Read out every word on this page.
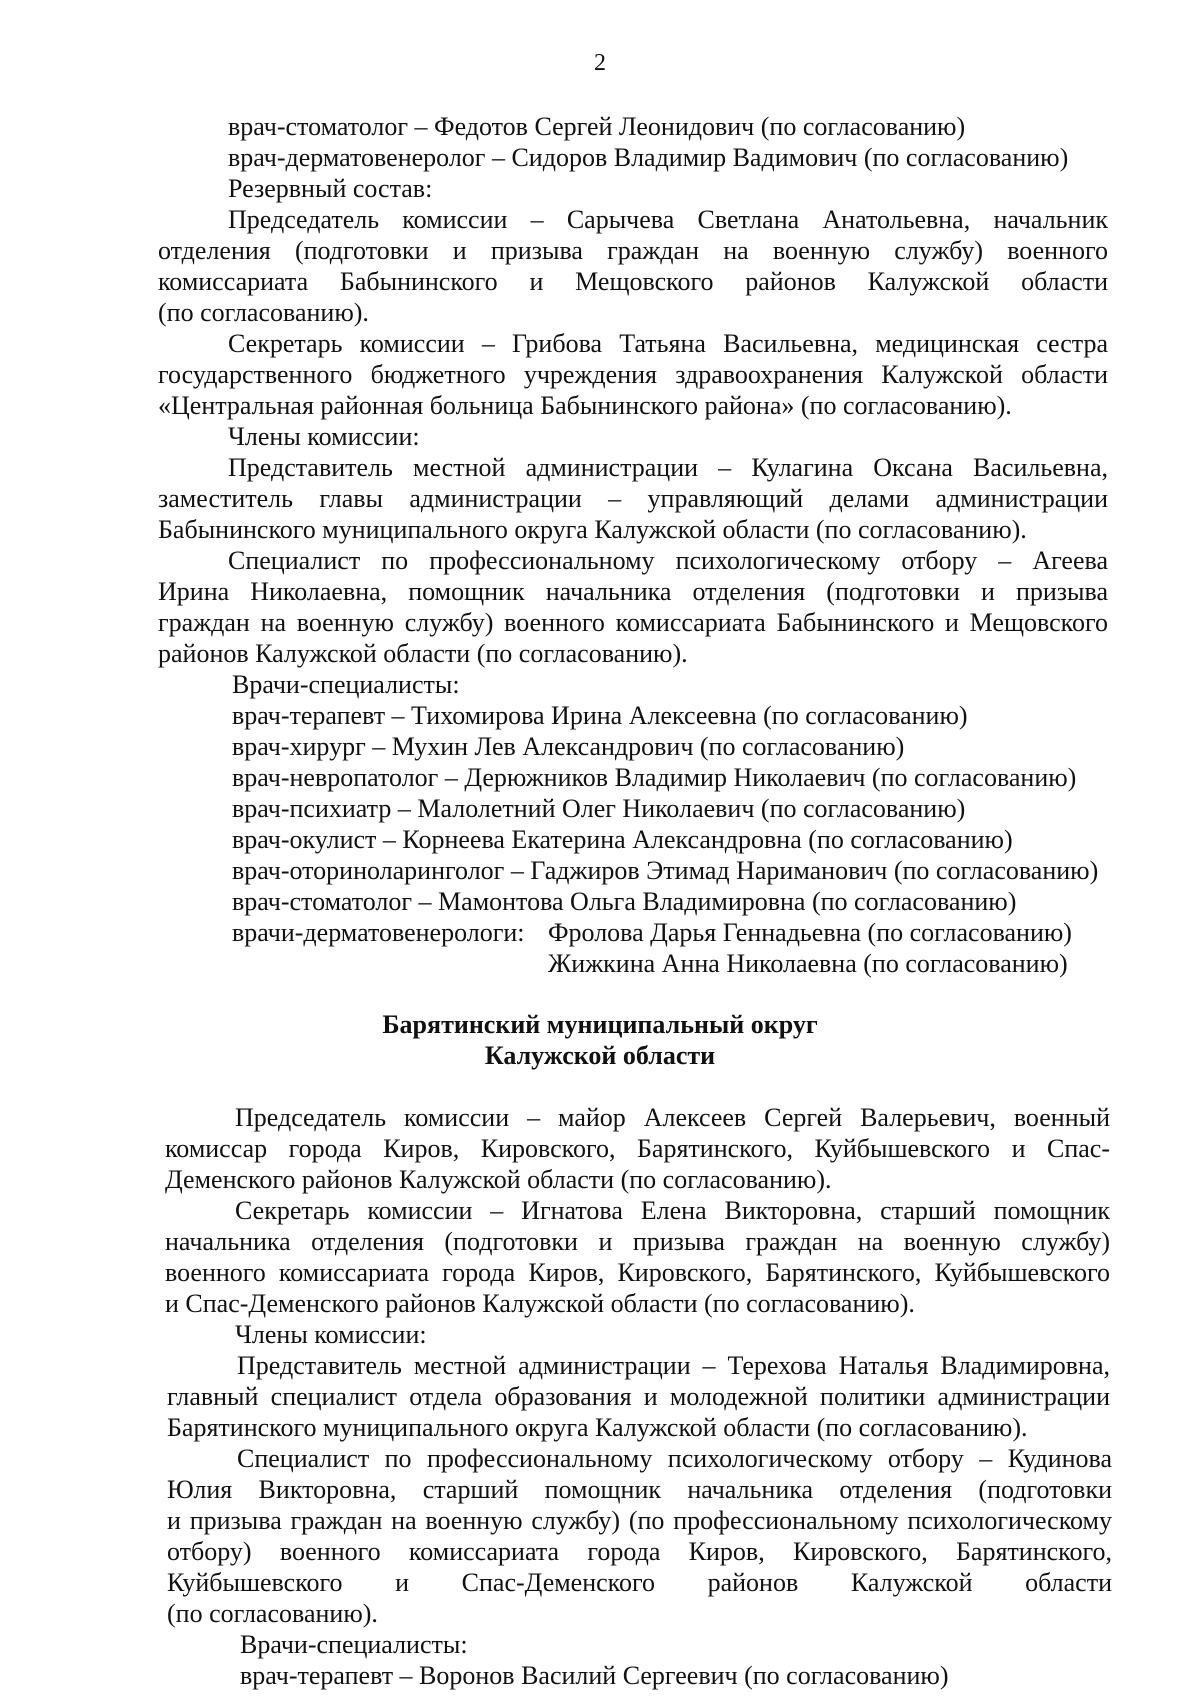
2
врач-стоматолог – Федотов Сергей Леонидович (по согласованию)
врач-дерматовенеролог – Сидоров Владимир Вадимович (по согласованию)
Резервный состав:
Председатель комиссии – Сарычева Светлана Анатольевна, начальник
отделения (подготовки и призыва граждан на военную службу) военного
комиссариата Бабынинского и Мещовского районов Калужской области
(по согласованию).
Секретарь комиссии – Грибова Татьяна Васильевна, медицинская сестра
государственного бюджетного учреждения здравоохранения Калужской области
«Центральная районная больница Бабынинского района» (по согласованию).
Члены комиссии:
Представитель местной администрации – Кулагина Оксана Васильевна,
заместитель главы администрации – управляющий делами администрации
Бабынинского муниципального округа Калужской области (по согласованию).
Специалист по профессиональному психологическому отбору – Агеева
Ирина Николаевна, помощник начальника отделения (подготовки и призыва
граждан на военную службу) военного комиссариата Бабынинского и Мещовского
районов Калужской области (по согласованию).
Врачи-специалисты:
врач-терапевт – Тихомирова Ирина Алексеевна (по согласованию)
врач-хирург – Мухин Лев Александрович (по согласованию)
врач-невропатолог – Дерюжников Владимир Николаевич (по согласованию)
врач-психиатр – Малолетний Олег Николаевич (по согласованию)
врач-окулист – Корнеева Екатерина Александровна (по согласованию)
врач-оториноларинголог – Гаджиров Этимад Нариманович (по согласованию)
врач-стоматолог – Мамонтова Ольга Владимировна (по согласованию)
врачи-дерматовенерологи: Фролова Дарья Геннадьевна (по согласованию)
Жижкина Анна Николаевна (по согласованию)
Барятинский муниципальный округ
Калужской области
Председатель комиссии – майор Алексеев Сергей Валерьевич, военный
комиссар города Киров, Кировского, Барятинского, Куйбышевского и Спас-
Деменского районов Калужской области (по согласованию).
Секретарь комиссии – Игнатова Елена Викторовна, старший помощник
начальника отделения (подготовки и призыва граждан на военную службу)
военного комиссариата города Киров, Кировского, Барятинского, Куйбышевского
и Спас-Деменского районов Калужской области (по согласованию).
Члены комиссии:
Представитель местной администрации – Терехова Наталья Владимировна,
главный специалист отдела образования и молодежной политики администрации
Барятинского муниципального округа Калужской области (по согласованию).
Специалист по профессиональному психологическому отбору – Кудинова
Юлия Викторовна, старший помощник начальника отделения (подготовки
и призыва граждан на военную службу) (по профессиональному психологическому
отбору) военного комиссариата города Киров, Кировского, Барятинского,
Куйбышевского и Спас-Деменского районов Калужской области
(по согласованию).
Врачи-специалисты:
врач-терапевт – Воронов Василий Сергеевич (по согласованию)
